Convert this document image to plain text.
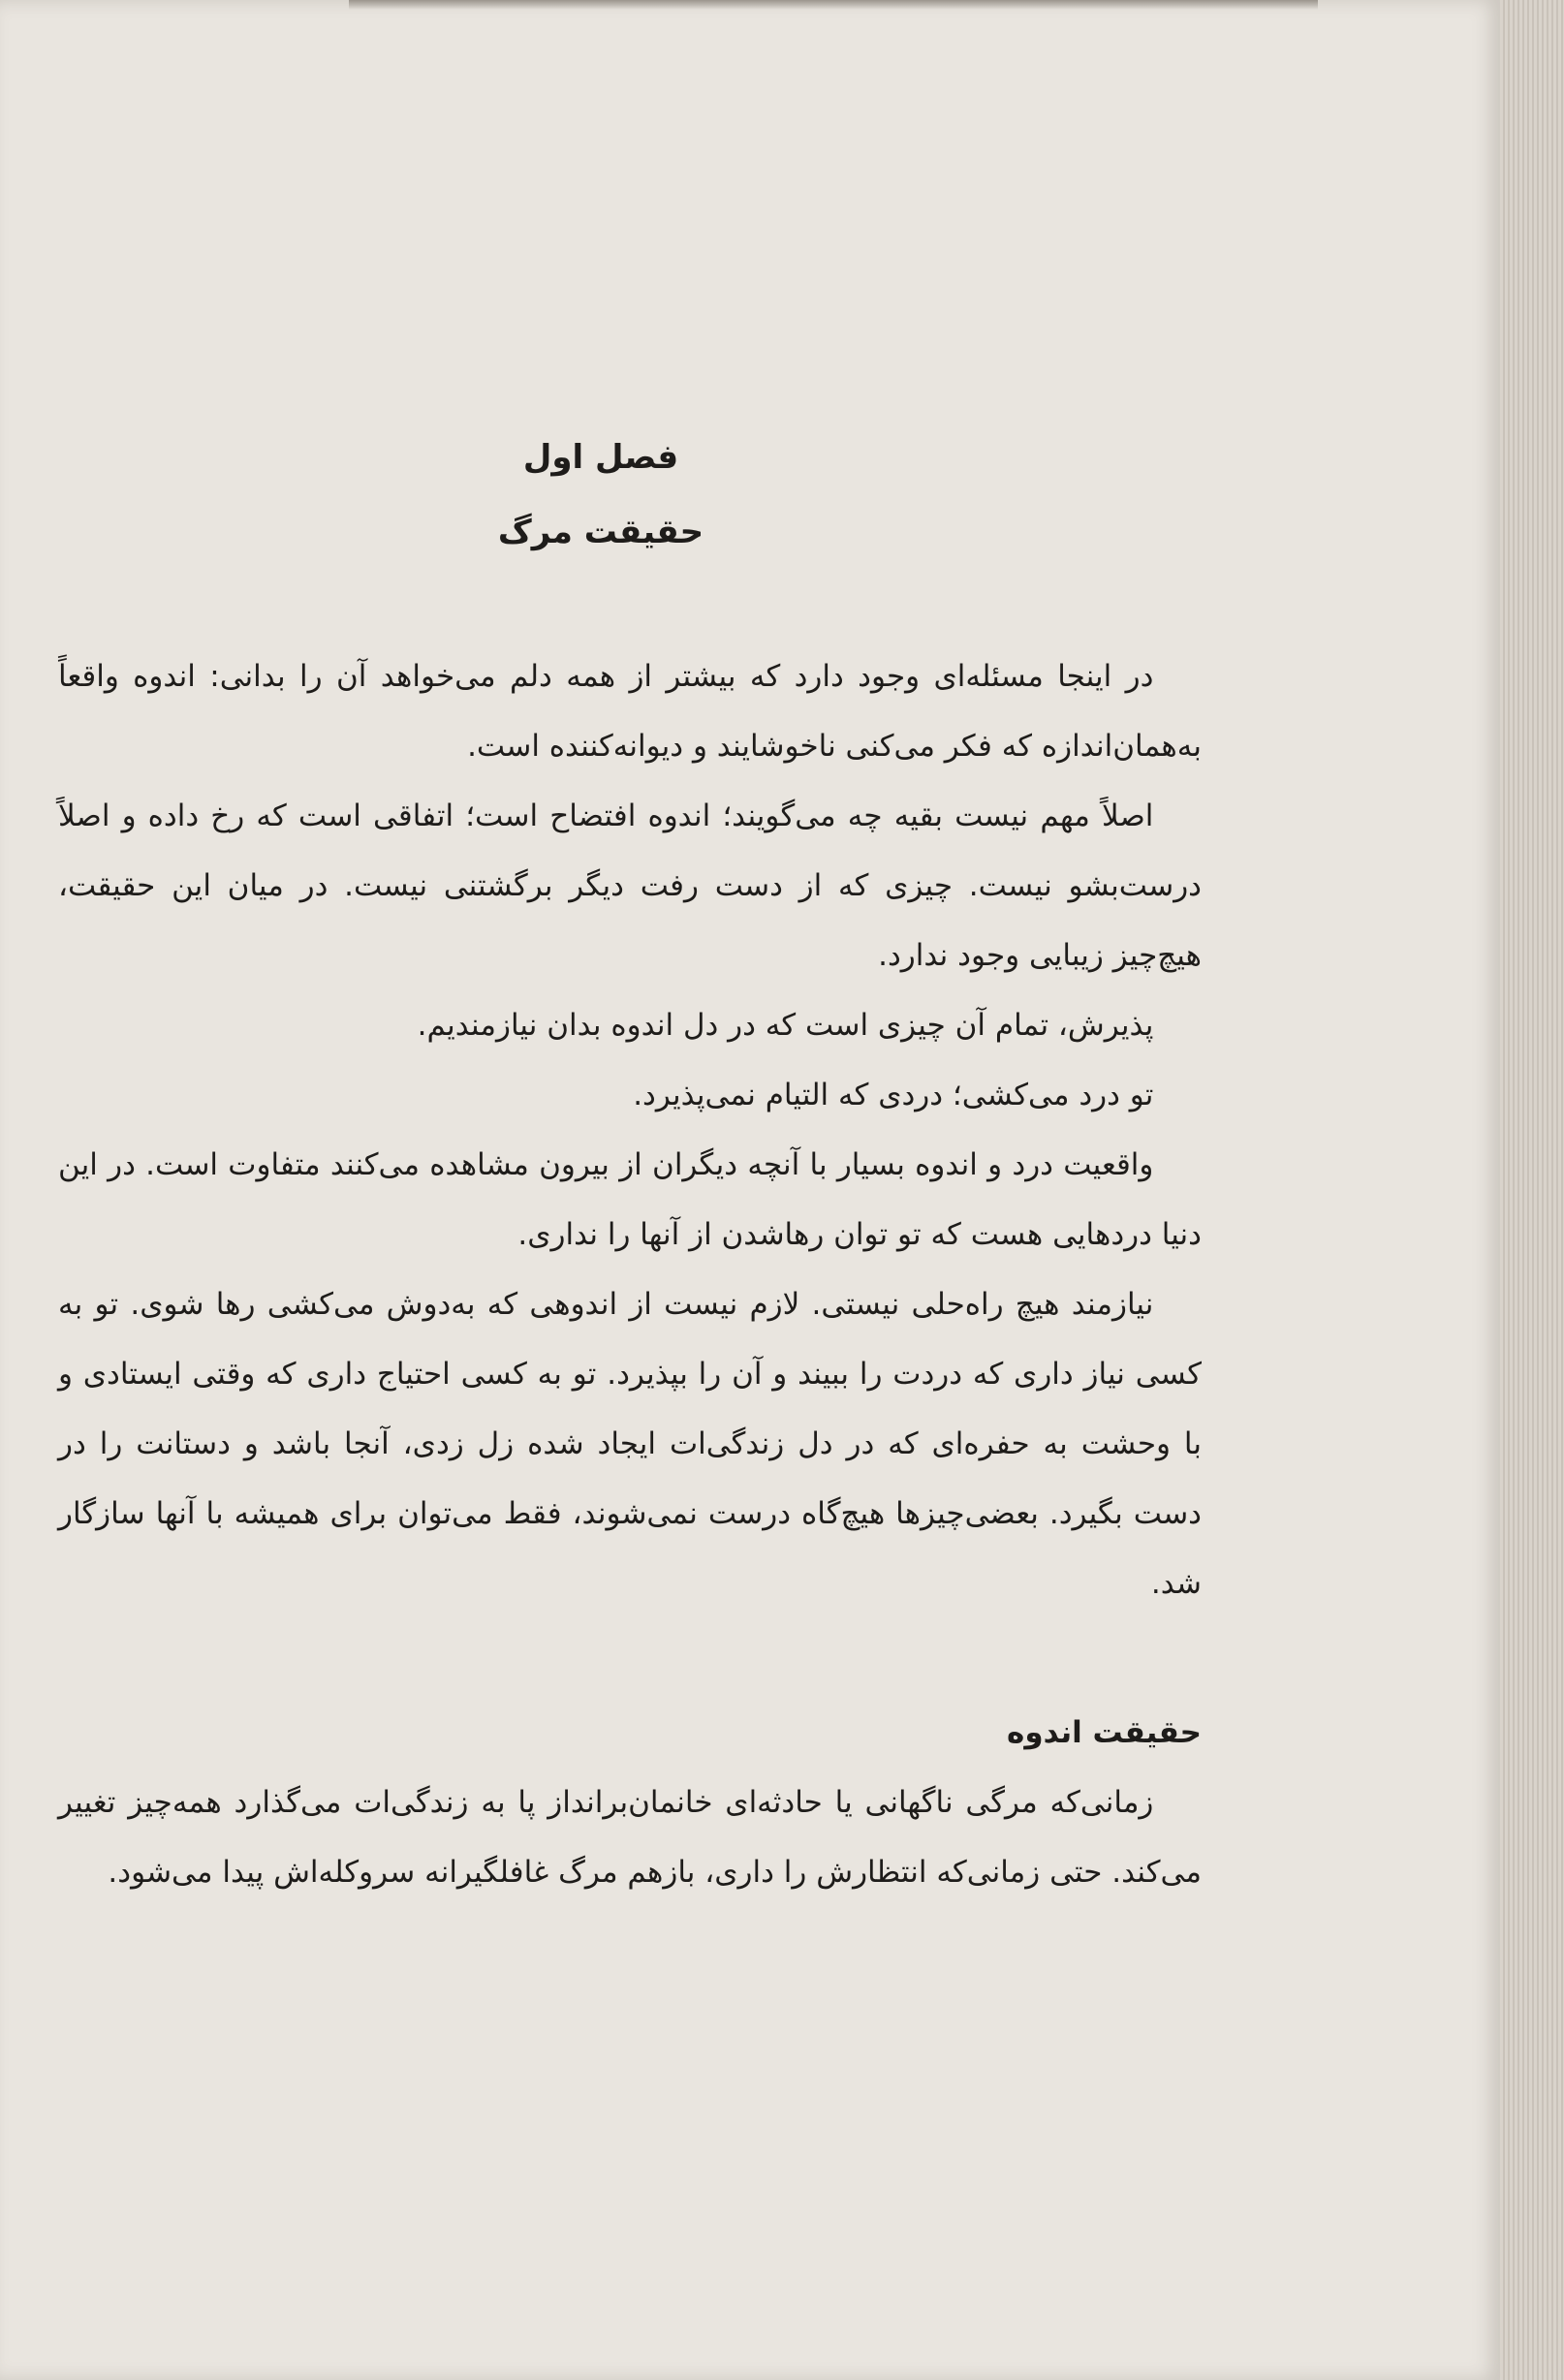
فصل اول
حقیقت مرگ

در اینجا مسئله‌ای وجود دارد که بیشتر از همه دلم می‌خواهد آن را بدانی: اندوه واقعاً به‌همان‌اندازه که فکر می‌کنی ناخوشایند و دیوانه‌کننده است.

اصلاً مهم نیست بقیه چه می‌گویند؛ اندوه افتضاح است؛ اتفاقی است که رخ داده و اصلاً درست‌بشو نیست. چیزی که از دست رفت دیگر برگشتنی نیست. در میان این حقیقت، هیچ‌چیز زیبایی وجود ندارد.

پذیرش، تمام آن چیزی است که در دل اندوه بدان نیازمندیم.

تو درد می‌کشی؛ دردی که التیام نمی‌پذیرد.

واقعیت درد و اندوه بسیار با آنچه دیگران از بیرون مشاهده می‌کنند متفاوت است. در این دنیا دردهایی هست که تو توان رهاشدن از آنها را نداری.

نیازمند هیچ راه‌حلی نیستی. لازم نیست از اندوهی که به‌دوش می‌کشی رها شوی. تو به کسی نیاز داری که دردت را ببیند و آن را بپذیرد. تو به کسی احتیاج داری که وقتی ایستادی و با وحشت به حفره‌ای که در دل زندگی‌ات ایجاد شده زل زدی، آنجا باشد و دستانت را در دست بگیرد. بعضی‌چیزها هیچ‌گاه درست نمی‌شوند، فقط می‌توان برای همیشه با آنها سازگار شد.

حقیقت اندوه

زمانی‌که مرگی ناگهانی یا حادثه‌ای خانمان‌برانداز پا به زندگی‌ات می‌گذارد همه‌چیز تغییر می‌کند. حتی زمانی‌که انتظارش را داری، بازهم مرگ غافلگیرانه سروکله‌اش پیدا می‌شود.
